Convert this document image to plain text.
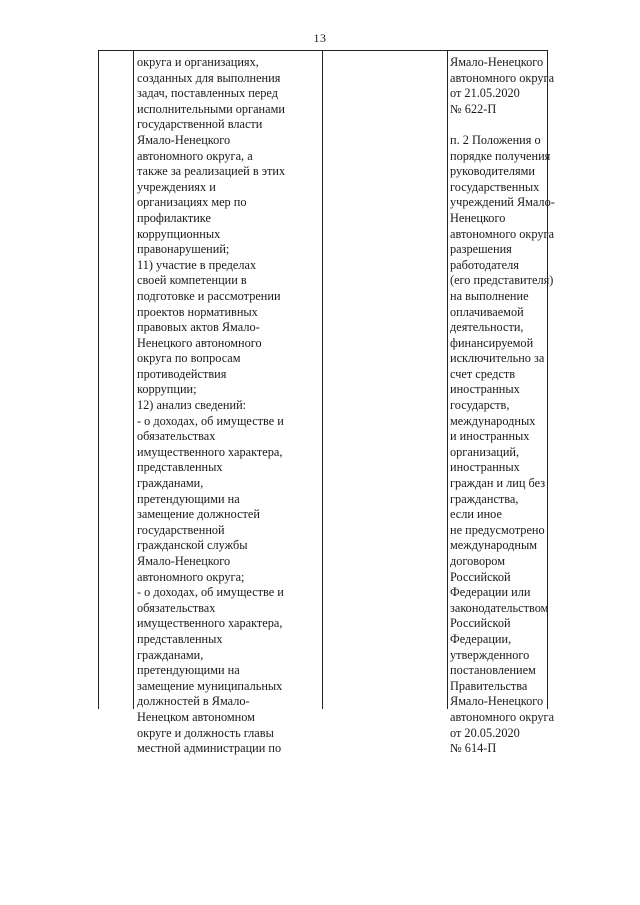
13
округа и организациях,
созданных для выполнения
задач, поставленных перед
исполнительными органами
государственной власти
Ямало-Ненецкого
автономного округа, а
также за реализацией в этих
учреждениях и
организациях мер по
профилактике
коррупционных
правонарушений;
11) участие в пределах
своей компетенции в
подготовке и рассмотрении
проектов нормативных
правовых актов Ямало-
Ненецкого автономного
округа по вопросам
противодействия
коррупции;
12) анализ сведений:
- о доходах, об имуществе и
обязательствах
имущественного характера,
представленных
гражданами,
претендующими на
замещение должностей
государственной
гражданской службы
Ямало-Ненецкого
автономного округа;
- о доходах, об имуществе и
обязательствах
имущественного характера,
представленных
гражданами,
претендующими на
замещение муниципальных
должностей в Ямало-
Ненецком автономном
округе и должность главы
местной администрации по
Ямало-Ненецкого
автономного округа
от 21.05.2020
№ 622-П
п. 2 Положения о
порядке получения
руководителями
государственных
учреждений Ямало-
Ненецкого
автономного округа
разрешения
работодателя
(его представителя)
на выполнение
оплачиваемой
деятельности,
финансируемой
исключительно за
счет средств
иностранных
государств,
международных
и иностранных
организаций,
иностранных
граждан и лиц без
гражданства,
если иное
не предусмотрено
международным
договором
Российской
Федерации или
законодательством
Российской
Федерации,
утвержденного
постановлением
Правительства
Ямало-Ненецкого
автономного округа
от 20.05.2020
№ 614-П
